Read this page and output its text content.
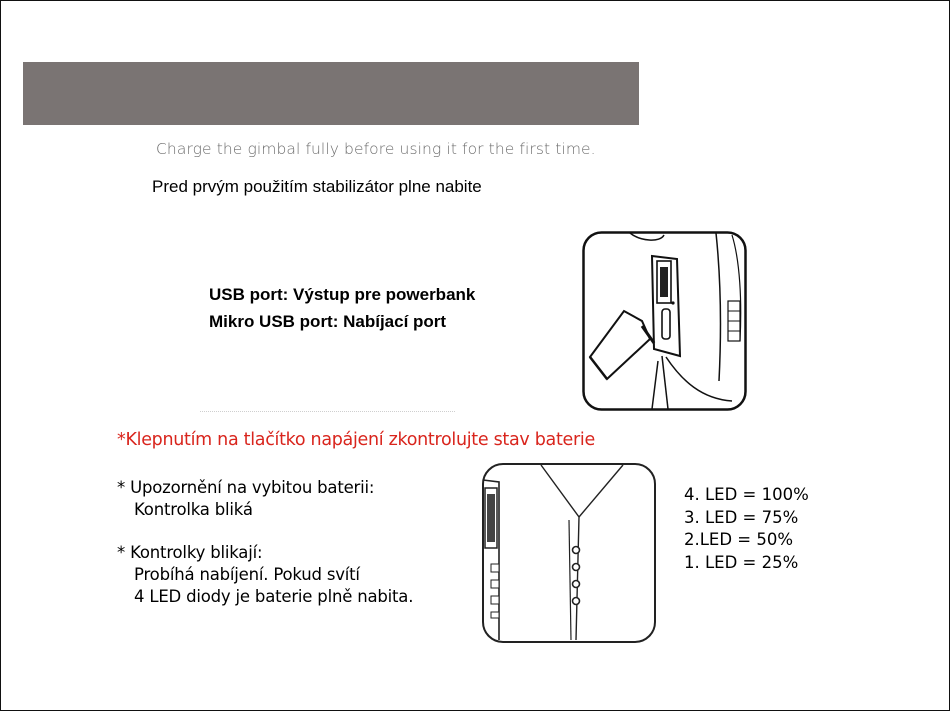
Charge the gimbal fully before using it for the first time.
Pred prvým použitím stabilizátor plne nabite
USB port: Výstup pre powerbank
Mikro USB port: Nabíjací port
*Klepnutím na tlačítko napájení zkontrolujte stav baterie
* Upozornění na vybitou baterii:
Kontrolka bliká
* Kontrolky blikají:
Probíhá nabíjení. Pokud svítí
4 LED diody je baterie plně nabita.
4. LED = 100%
3. LED = 75%
2.LED = 50%
1. LED = 25%
